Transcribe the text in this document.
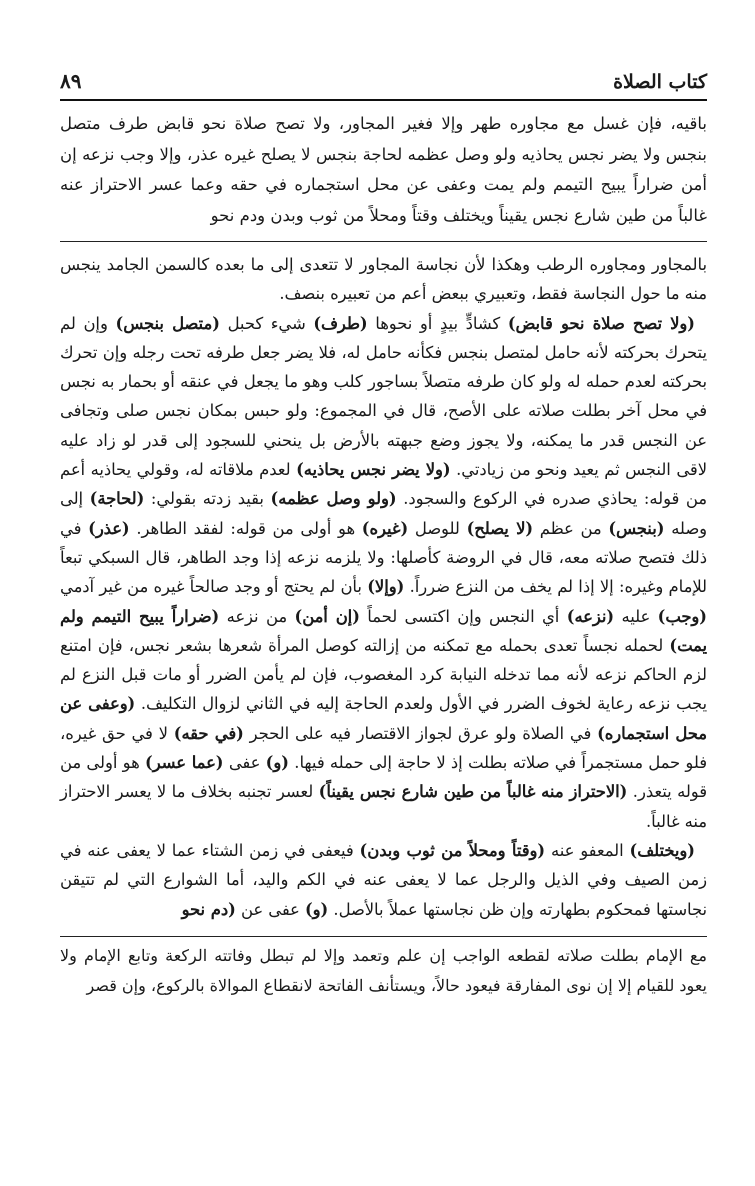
كتاب الصلاة
٨٩

باقيه، فإن غسل مع مجاوره طهر وإلا فغير المجاور، ولا تصح صلاة نحو قابض طرف متصل بنجس ولا يضر نجس يحاذيه ولو وصل عظمه لحاجة بنجس لا يصلح غيره عذر، وإلا وجب نزعه إن أمن ضراراً يبيح التيمم ولم يمت وعفى عن محل استجماره في حقه وعما عسر الاحتراز عنه غالباً من طين شارع نجس يقيناً ويختلف وقتاً ومحلاً من ثوب وبدن ودم نحو

بالمجاور ومجاوره الرطب وهكذا لأن نجاسة المجاور لا تتعدى إلى ما بعده كالسمن الجامد ينجس منه ما حول النجاسة فقط، وتعبيري ببعض أعم من تعبيره بنصف.

(ولا تصح صلاة نحو قابض) كشادٍّ بيدٍ أو نحوها (طرف) شيء كحبل (متصل بنجس) وإن لم يتحرك بحركته لأنه حامل لمتصل بنجس فكأنه حامل له، فلا يضر جعل طرفه تحت رجله وإن تحرك بحركته لعدم حمله له ولو كان طرفه متصلاً بساجور كلب وهو ما يجعل في عنقه أو بحمار به نجس في محل آخر بطلت صلاته على الأصح، قال في المجموع: ولو حبس بمكان نجس صلى وتجافى عن النجس قدر ما يمكنه، ولا يجوز وضع جبهته بالأرض بل ينحني للسجود إلى قدر لو زاد عليه لاقى النجس ثم يعيد ونحو من زيادتي. (ولا يضر نجس يحاذيه) لعدم ملاقاته له، وقولي يحاذيه أعم من قوله: يحاذي صدره في الركوع والسجود. (ولو وصل عظمه) بقيد زدته بقولي: (لحاجة) إلى وصله (بنجس) من عظم (لا يصلح) للوصل (غيره) هو أولى من قوله: لفقد الطاهر. (عذر) في ذلك فتصح صلاته معه، قال في الروضة كأصلها: ولا يلزمه نزعه إذا وجد الطاهر، قال السبكي تبعاً للإمام وغيره: إلا إذا لم يخف من النزع ضرراً. (وإلا) بأن لم يحتج أو وجد صالحاً غيره من غير آدمي (وجب) عليه (نزعه) أي النجس وإن اكتسى لحماً (إن أمن) من نزعه (ضراراً يبيح التيمم ولم يمت) لحمله نجساً تعدى بحمله مع تمكنه من إزالته كوصل المرأة شعرها بشعر نجس، فإن امتنع لزم الحاكم نزعه لأنه مما تدخله النيابة كرد المغصوب، فإن لم يأمن الضرر أو مات قبل النزع لم يجب نزعه رعاية لخوف الضرر في الأول ولعدم الحاجة إليه في الثاني لزوال التكليف. (وعفى عن محل استجماره) في الصلاة ولو عرق لجواز الاقتصار فيه على الحجر (في حقه) لا في حق غيره، فلو حمل مستجمراً في صلاته بطلت إذ لا حاجة إلى حمله فيها. (و) عفى (عما عسر) هو أولى من قوله يتعذر. (الاحتراز منه غالباً من طين شارع نجس يقيناً) لعسر تجنبه بخلاف ما لا يعسر الاحتراز منه غالباً.

(ويختلف) المعفو عنه (وقتاً ومحلاً من ثوب وبدن) فيعفى في زمن الشتاء عما لا يعفى عنه في زمن الصيف وفي الذيل والرجل عما لا يعفى عنه في الكم واليد، أما الشوارع التي لم تتيقن نجاستها فمحكوم بطهارته وإن ظن نجاستها عملاً بالأصل. (و) عفى عن (دم نحو

مع الإمام بطلت صلاته لقطعه الواجب إن علم وتعمد وإلا لم تبطل وفاتته الركعة وتابع الإمام ولا يعود للقيام إلا إن نوى المفارقة فيعود حالاً، ويستأنف الفاتحة لانقطاع الموالاة بالركوع، وإن قصر
